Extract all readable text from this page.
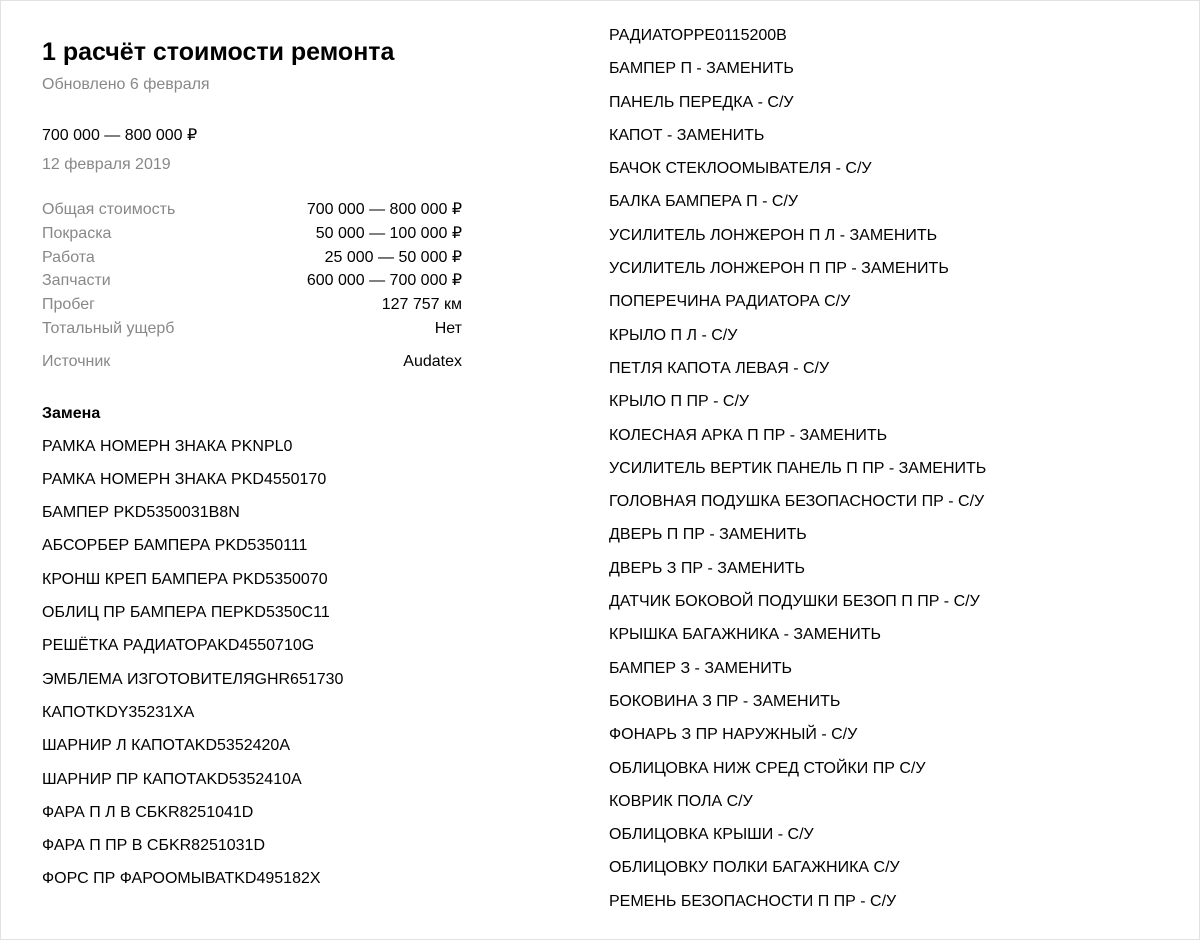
1 расчёт стоимости ремонта
Обновлено 6 февраля
700 000 — 800 000 ₽
12 февраля 2019
Общая стоимость	700 000 — 800 000 ₽
Покраска	50 000 — 100 000 ₽
Работа	25 000 — 50 000 ₽
Запчасти	600 000 — 700 000 ₽
Пробег	127 757 км
Тотальный ущерб	Нет
Источник	Audatex
Замена
РАМКА НОМЕРН ЗНАКА PKNPL0
РАМКА НОМЕРН ЗНАКА PKD4550170
БАМПЕР PKD5350031B8N
АБСОРБЕР БАМПЕРА PKD5350111
КРОНШ КРЕП БАМПЕРА PKD5350070
ОБЛИЦ ПР БАМПЕРА ПЕРKD5350C11
РЕШЁТКА РАДИАТОРАKD4550710G
ЭМБЛЕМА ИЗГОТОВИТЕЛЯGHR651730
КАПОТKDY35231XA
ШАРНИР Л КАПОТАKD5352420A
ШАРНИР ПР КАПОТАKD5352410A
ФАРА П Л В СБKR8251041D
ФАРА П ПР В СБKR8251031D
ФОРС ПР ФАРООМЫВАТKD495182X
РАДИАТОРPE0115200B
БАМПЕР П - ЗАМЕНИТЬ
ПАНЕЛЬ ПЕРЕДКА - С/У
КАПОТ - ЗАМЕНИТЬ
БАЧОК СТЕКЛООМЫВАТЕЛЯ - С/У
БАЛКА БАМПЕРА П - С/У
УСИЛИТЕЛЬ ЛОНЖЕРОН П Л - ЗАМЕНИТЬ
УСИЛИТЕЛЬ ЛОНЖЕРОН П ПР - ЗАМЕНИТЬ
ПОПЕРЕЧИНА РАДИАТОРА С/У
КРЫЛО П Л - С/У
ПЕТЛЯ КАПОТА ЛЕВАЯ - С/У
КРЫЛО П ПР - С/У
КОЛЕСНАЯ АРКА П ПР - ЗАМЕНИТЬ
УСИЛИТЕЛЬ ВЕРТИК ПАНЕЛЬ П ПР - ЗАМЕНИТЬ
ГОЛОВНАЯ ПОДУШКА БЕЗОПАСНОСТИ ПР - С/У
ДВЕРЬ П ПР - ЗАМЕНИТЬ
ДВЕРЬ З ПР - ЗАМЕНИТЬ
ДАТЧИК БОКОВОЙ ПОДУШКИ БЕЗОП П ПР - С/У
КРЫШКА БАГАЖНИКА - ЗАМЕНИТЬ
БАМПЕР З - ЗАМЕНИТЬ
БОКОВИНА З ПР - ЗАМЕНИТЬ
ФОНАРЬ З ПР НАРУЖНЫЙ - С/У
ОБЛИЦОВКА НИЖ СРЕД СТОЙКИ ПР С/У
КОВРИК ПОЛА С/У
ОБЛИЦОВКА КРЫШИ - С/У
ОБЛИЦОВКУ ПОЛКИ БАГАЖНИКА С/У
РЕМЕНЬ БЕЗОПАСНОСТИ П ПР - С/У
